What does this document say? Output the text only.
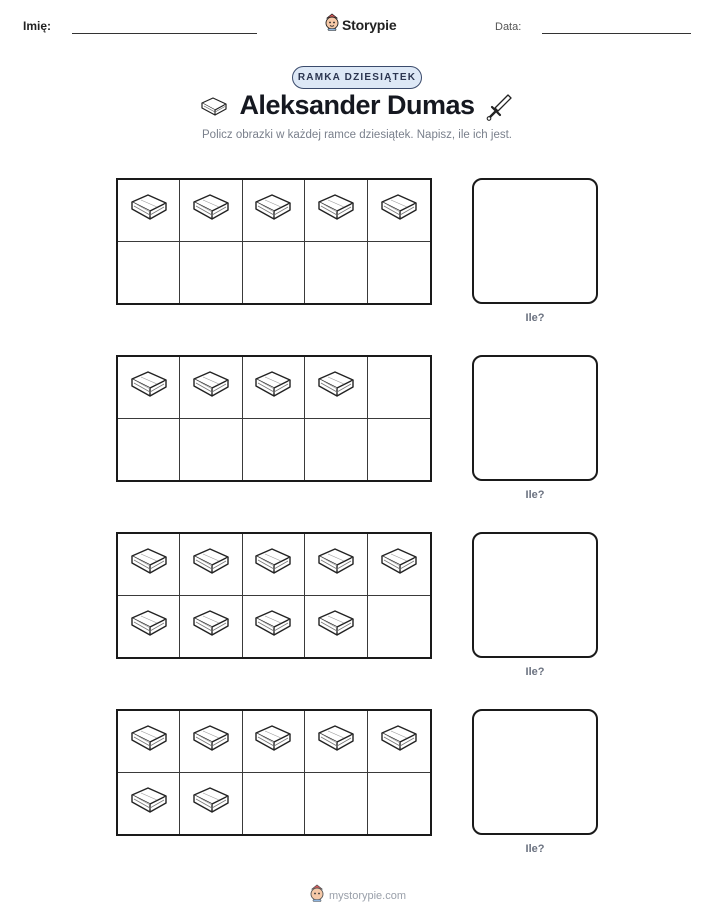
Imię:	Storypie	Data:
RAMKA DZIESIĄTEK
Aleksander Dumas
Policz obrazki w każdej ramce dziesiątek. Napisz, ile ich jest.
Ile?
Ile?
Ile?
Ile?
mystorypie.com
